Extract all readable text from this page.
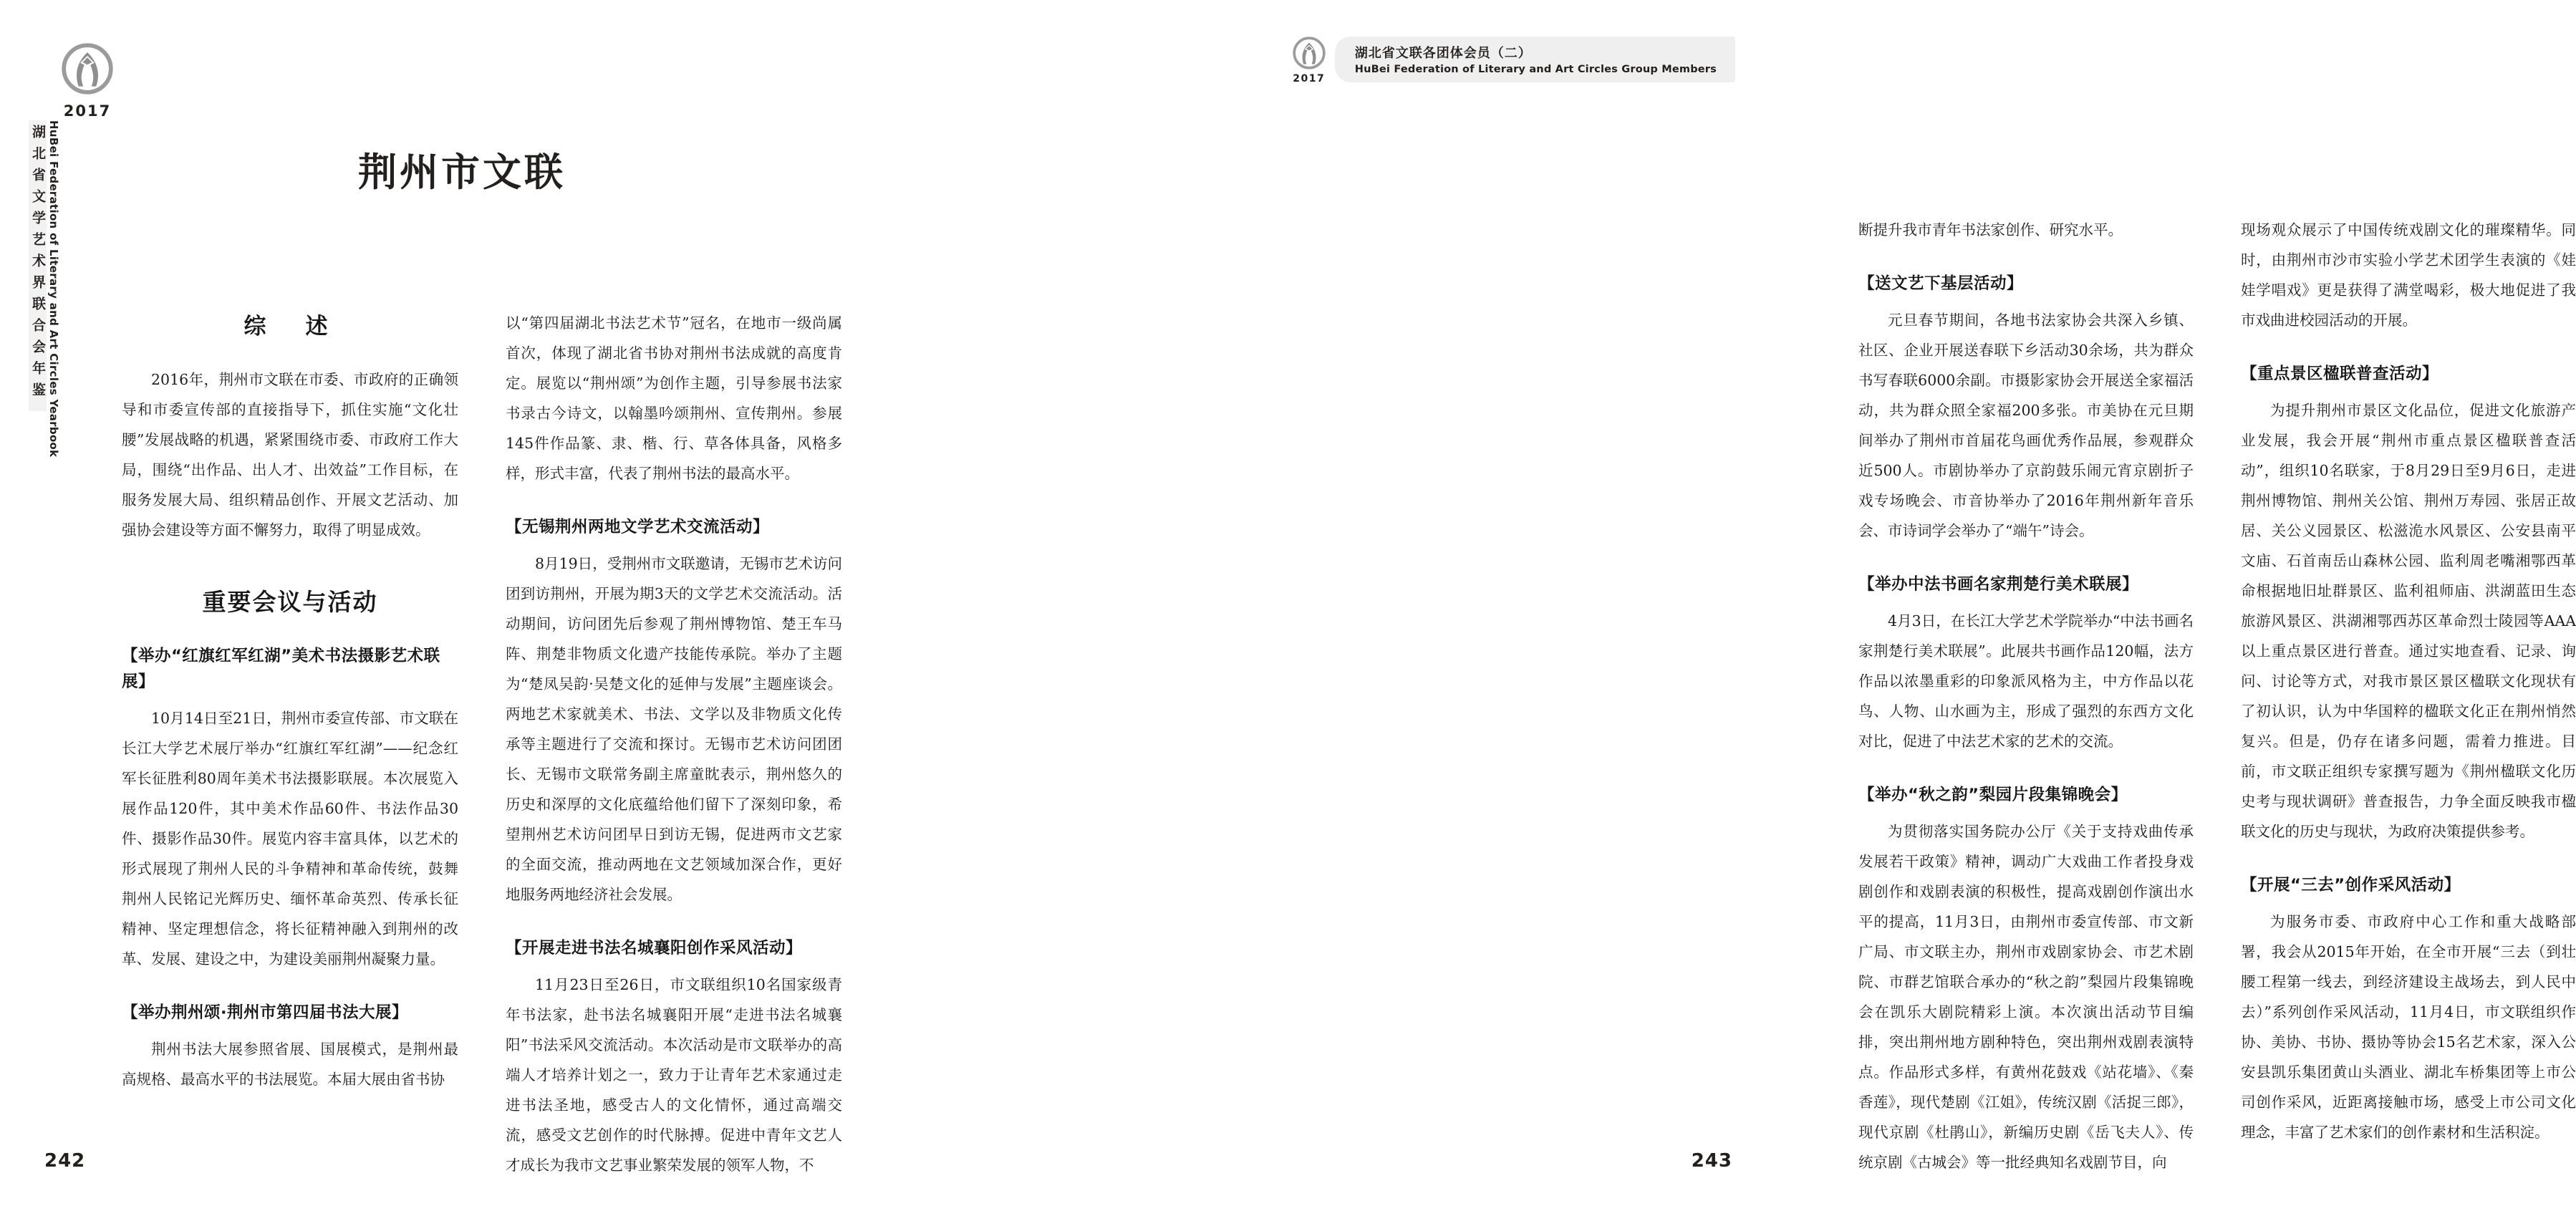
2017
湖北省文学艺术界联合会年鉴 HuBei Federation of Literary and Art Circles Yearbook	荆州市文联
综　述

2016年，荆州市文联在市委、市政府的正确领导和市委宣传部的直接指导下，抓住实施“文化壮腰”发展战略的机遇，紧紧围绕市委、市政府工作大局，围绕“出作品、出人才、出效益”工作目标，在服务发展大局、组织精品创作、开展文艺活动、加强协会建设等方面不懈努力，取得了明显成效。

重要会议与活动
【举办“红旗红军红湖”美术书法摄影艺术联展】

10月14日至21日，荆州市委宣传部、市文联在长江大学艺术展厅举办“红旗红军红湖”——纪念红军长征胜利80周年美术书法摄影联展。本次展览入展作品120件，其中美术作品60件、书法作品30件、摄影作品30件。展览内容丰富具体，以艺术的形式展现了荆州人民的斗争精神和革命传统，鼓舞荆州人民铭记光辉历史、缅怀革命英烈、传承长征精神、坚定理想信念，将长征精神融入到荆州的改革、发展、建设之中，为建设美丽荆州凝聚力量。

【举办荆州颂·荆州市第四届书法大展】

荆州书法大展参照省展、国展模式，是荆州最高规格、最高水平的书法展览。本届大展由省书协

以“第四届湖北书法艺术节”冠名，在地市一级尚属首次，体现了湖北省书协对荆州书法成就的高度肯定。展览以“荆州颂”为创作主题，引导参展书法家书录古今诗文，以翰墨吟颂荆州、宣传荆州。参展145件作品篆、隶、楷、行、草各体具备，风格多样，形式丰富，代表了荆州书法的最高水平。

【无锡荆州两地文学艺术交流活动】

8月19日，受荆州市文联邀请，无锡市艺术访问团到访荆州，开展为期3天的文学艺术交流活动。活动期间，访问团先后参观了荆州博物馆、楚王车马阵、荆楚非物质文化遗产技能传承院。举办了主题为“楚凤吴韵·吴楚文化的延伸与发展”主题座谈会。两地艺术家就美术、书法、文学以及非物质文化传承等主题进行了交流和探讨。无锡市艺术访问团团长、无锡市文联常务副主席童眈表示，荆州悠久的历史和深厚的文化底蕴给他们留下了深刻印象，希望荆州艺术访问团早日到访无锡，促进两市文艺家的全面交流，推动两地在文艺领域加深合作，更好地服务两地经济社会发展。

【开展走进书法名城襄阳创作采风活动】

11月23日至26日，市文联组织10名国家级青年书法家，赴书法名城襄阳开展“走进书法名城襄阳”书法采风交流活动。本次活动是市文联举办的高端人才培养计划之一，致力于让青年艺术家通过走进书法圣地，感受古人的文化情怀，通过高端交流，感受文艺创作的时代脉搏。促进中青年文艺人才成长为我市文艺事业繁荣发展的领军人物，不

242
2017
湖北省文联各团体会员（二）
HuBei Federation of Literary and Art Circles Group Members

断提升我市青年书法家创作、研究水平。

【送文艺下基层活动】

元旦春节期间，各地书法家协会共深入乡镇、社区、企业开展送春联下乡活动30余场，共为群众书写春联6000余副。市摄影家协会开展送全家福活动，共为群众照全家福200多张。市美协在元旦期间举办了荆州市首届花鸟画优秀作品展，参观群众近500人。市剧协举办了京韵鼓乐闹元宵京剧折子戏专场晚会、市音协举办了2016年荆州新年音乐会、市诗词学会举办了“端午”诗会。

【举办中法书画名家荆楚行美术联展】

4月3日，在长江大学艺术学院举办“中法书画名家荆楚行美术联展”。此展共书画作品120幅，法方作品以浓墨重彩的印象派风格为主，中方作品以花鸟、人物、山水画为主，形成了强烈的东西方文化对比，促进了中法艺术家的艺术的交流。

【举办“秋之韵”梨园片段集锦晚会】

为贯彻落实国务院办公厅《关于支持戏曲传承发展若干政策》精神，调动广大戏曲工作者投身戏剧创作和戏剧表演的积极性，提高戏剧创作演出水平的提高，11月3日，由荆州市委宣传部、市文新广局、市文联主办，荆州市戏剧家协会、市艺术剧院、市群艺馆联合承办的“秋之韵”梨园片段集锦晚会在凯乐大剧院精彩上演。本次演出活动节目编排，突出荆州地方剧种特色，突出荆州戏剧表演特点。作品形式多样，有黄州花鼓戏《站花墙》、《秦香莲》，现代楚剧《江姐》，传统汉剧《活捉三郎》，现代京剧《杜鹃山》，新编历史剧《岳飞夫人》、传统京剧《古城会》等一批经典知名戏剧节目，向

现场观众展示了中国传统戏剧文化的璀璨精华。同时，由荆州市沙市实验小学艺术团学生表演的《娃娃学唱戏》更是获得了满堂喝彩，极大地促进了我市戏曲进校园活动的开展。

【重点景区楹联普查活动】

为提升荆州市景区文化品位，促进文化旅游产业发展，我会开展“荆州市重点景区楹联普查活动”，组织10名联家，于8月29日至9月6日，走进荆州博物馆、荆州关公馆、荆州万寿园、张居正故居、关公义园景区、松滋洈水风景区、公安县南平文庙、石首南岳山森林公园、监利周老嘴湘鄂西革命根据地旧址群景区、监利祖师庙、洪湖蓝田生态旅游风景区、洪湖湘鄂西苏区革命烈士陵园等AAA以上重点景区进行普查。通过实地查看、记录、询问、讨论等方式，对我市景区景区楹联文化现状有了初认识，认为中华国粹的楹联文化正在荆州悄然复兴。但是，仍存在诸多问题，需着力推进。目前，市文联正组织专家撰写题为《荆州楹联文化历史考与现状调研》普查报告，力争全面反映我市楹联文化的历史与现状，为政府决策提供参考。

【开展“三去”创作采风活动】

为服务市委、市政府中心工作和重大战略部署，我会从2015年开始，在全市开展“三去（到壮腰工程第一线去，到经济建设主战场去，到人民中去）”系列创作采风活动，11月4日，市文联组织作协、美协、书协、摄协等协会15名艺术家，深入公安县凯乐集团黄山头酒业、湖北车桥集团等上市公司创作采风，近距离接触市场，感受上市公司文化理念，丰富了艺术家们的创作素材和生活积淀。

243
